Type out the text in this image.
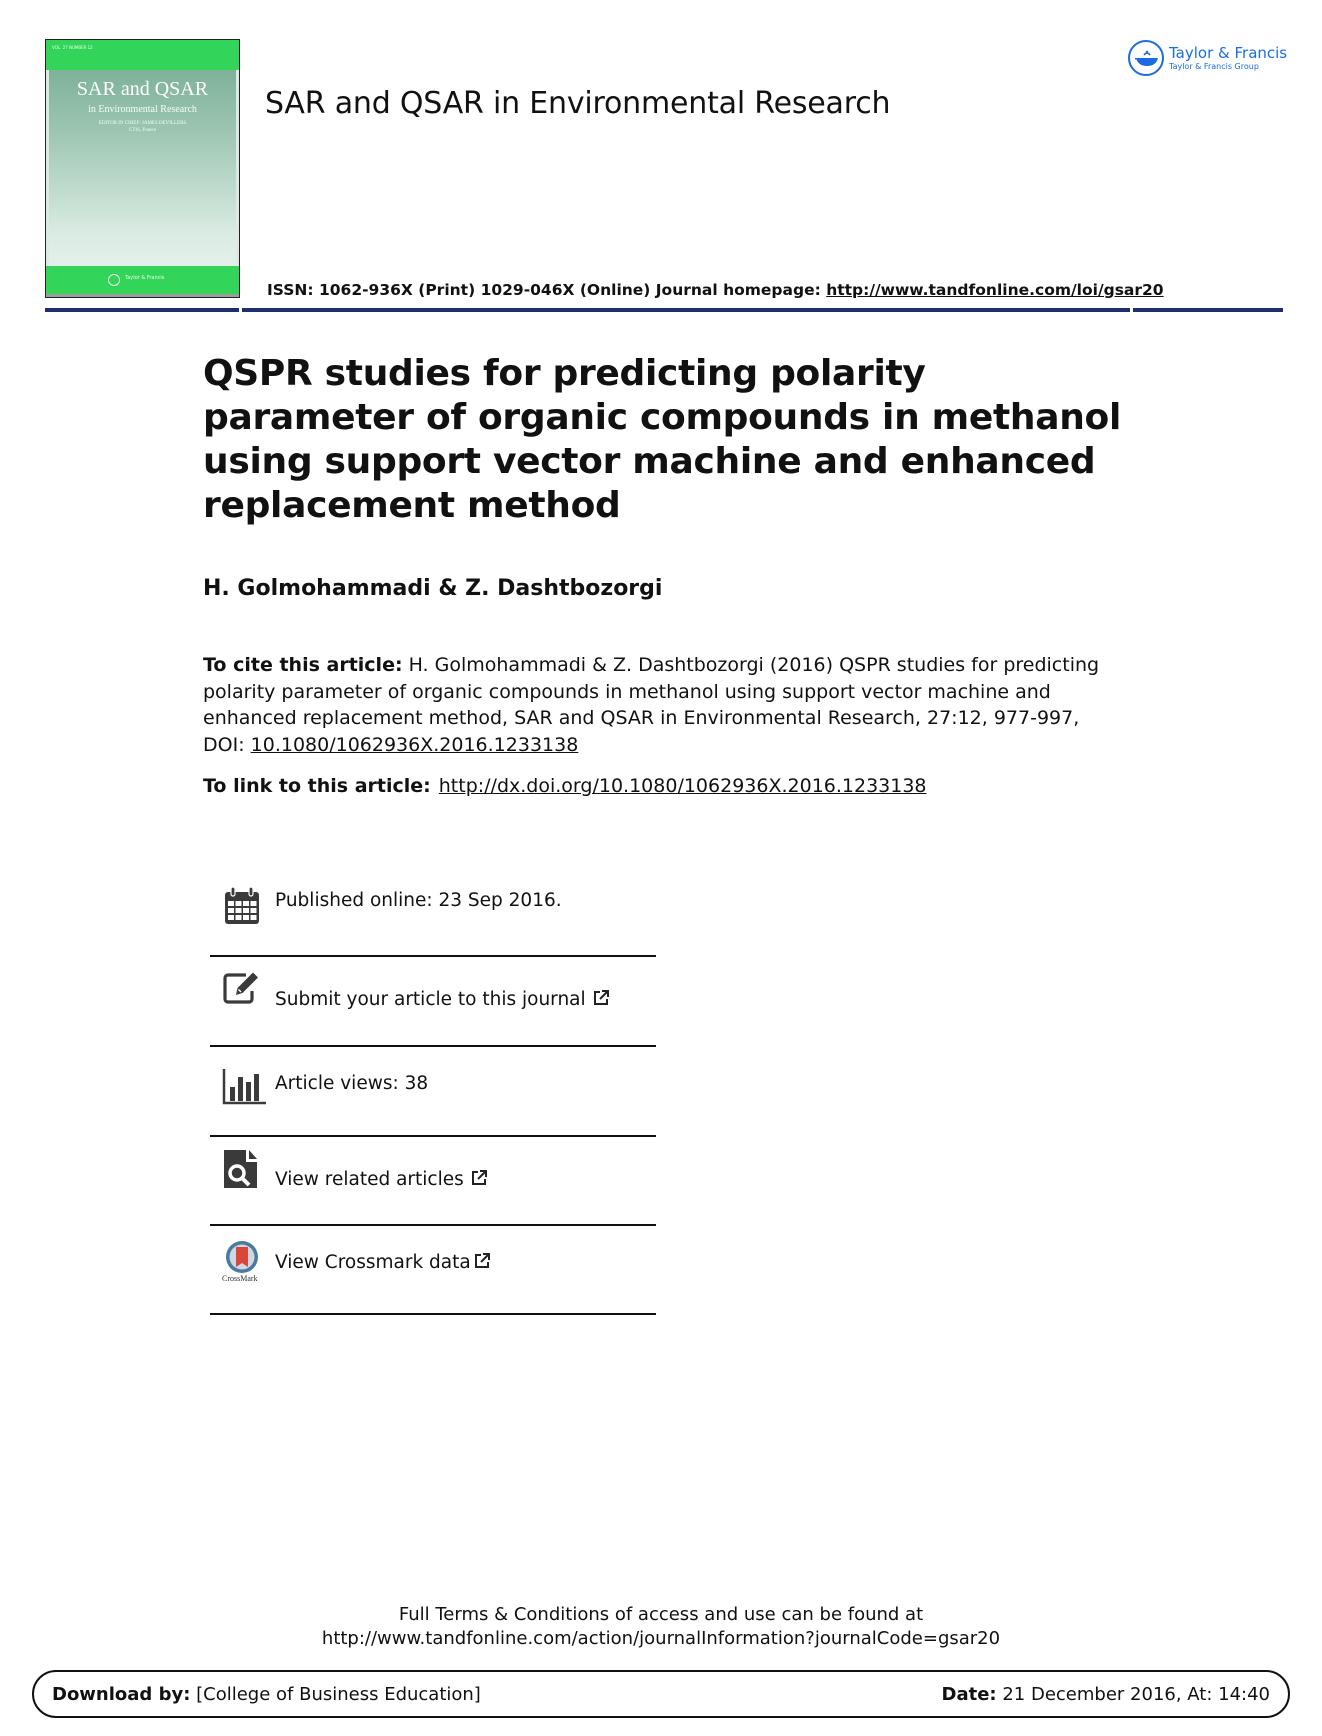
VOL. 27 NUMBER 12
SAR and QSAR
in Environmental Research
EDITOR IN CHIEF: JAMES DEVILLERS
CTIS, France
Taylor & Francis
SAR and QSAR in Environmental Research
ISSN: 1062-936X (Print) 1029-046X (Online) Journal homepage: http://www.tandfonline.com/loi/gsar20
Taylor & Francis
Taylor & Francis Group
QSPR studies for predicting polarity parameter of organic compounds in methanol using support vector machine and enhanced replacement method
H. Golmohammadi & Z. Dashtbozorgi
To cite this article: H. Golmohammadi & Z. Dashtbozorgi (2016) QSPR studies for predicting polarity parameter of organic compounds in methanol using support vector machine and enhanced replacement method, SAR and QSAR in Environmental Research, 27:12, 977-997, DOI: 10.1080/1062936X.2016.1233138
To link to this article: http://dx.doi.org/10.1080/1062936X.2016.1233138
Published online: 23 Sep 2016.
Submit your article to this journal
Article views: 38
View related articles
CrossMark
View Crossmark data
Full Terms & Conditions of access and use can be found at
http://www.tandfonline.com/action/journalInformation?journalCode=gsar20
Download by: [College of Business Education]	Date: 21 December 2016, At: 14:40
